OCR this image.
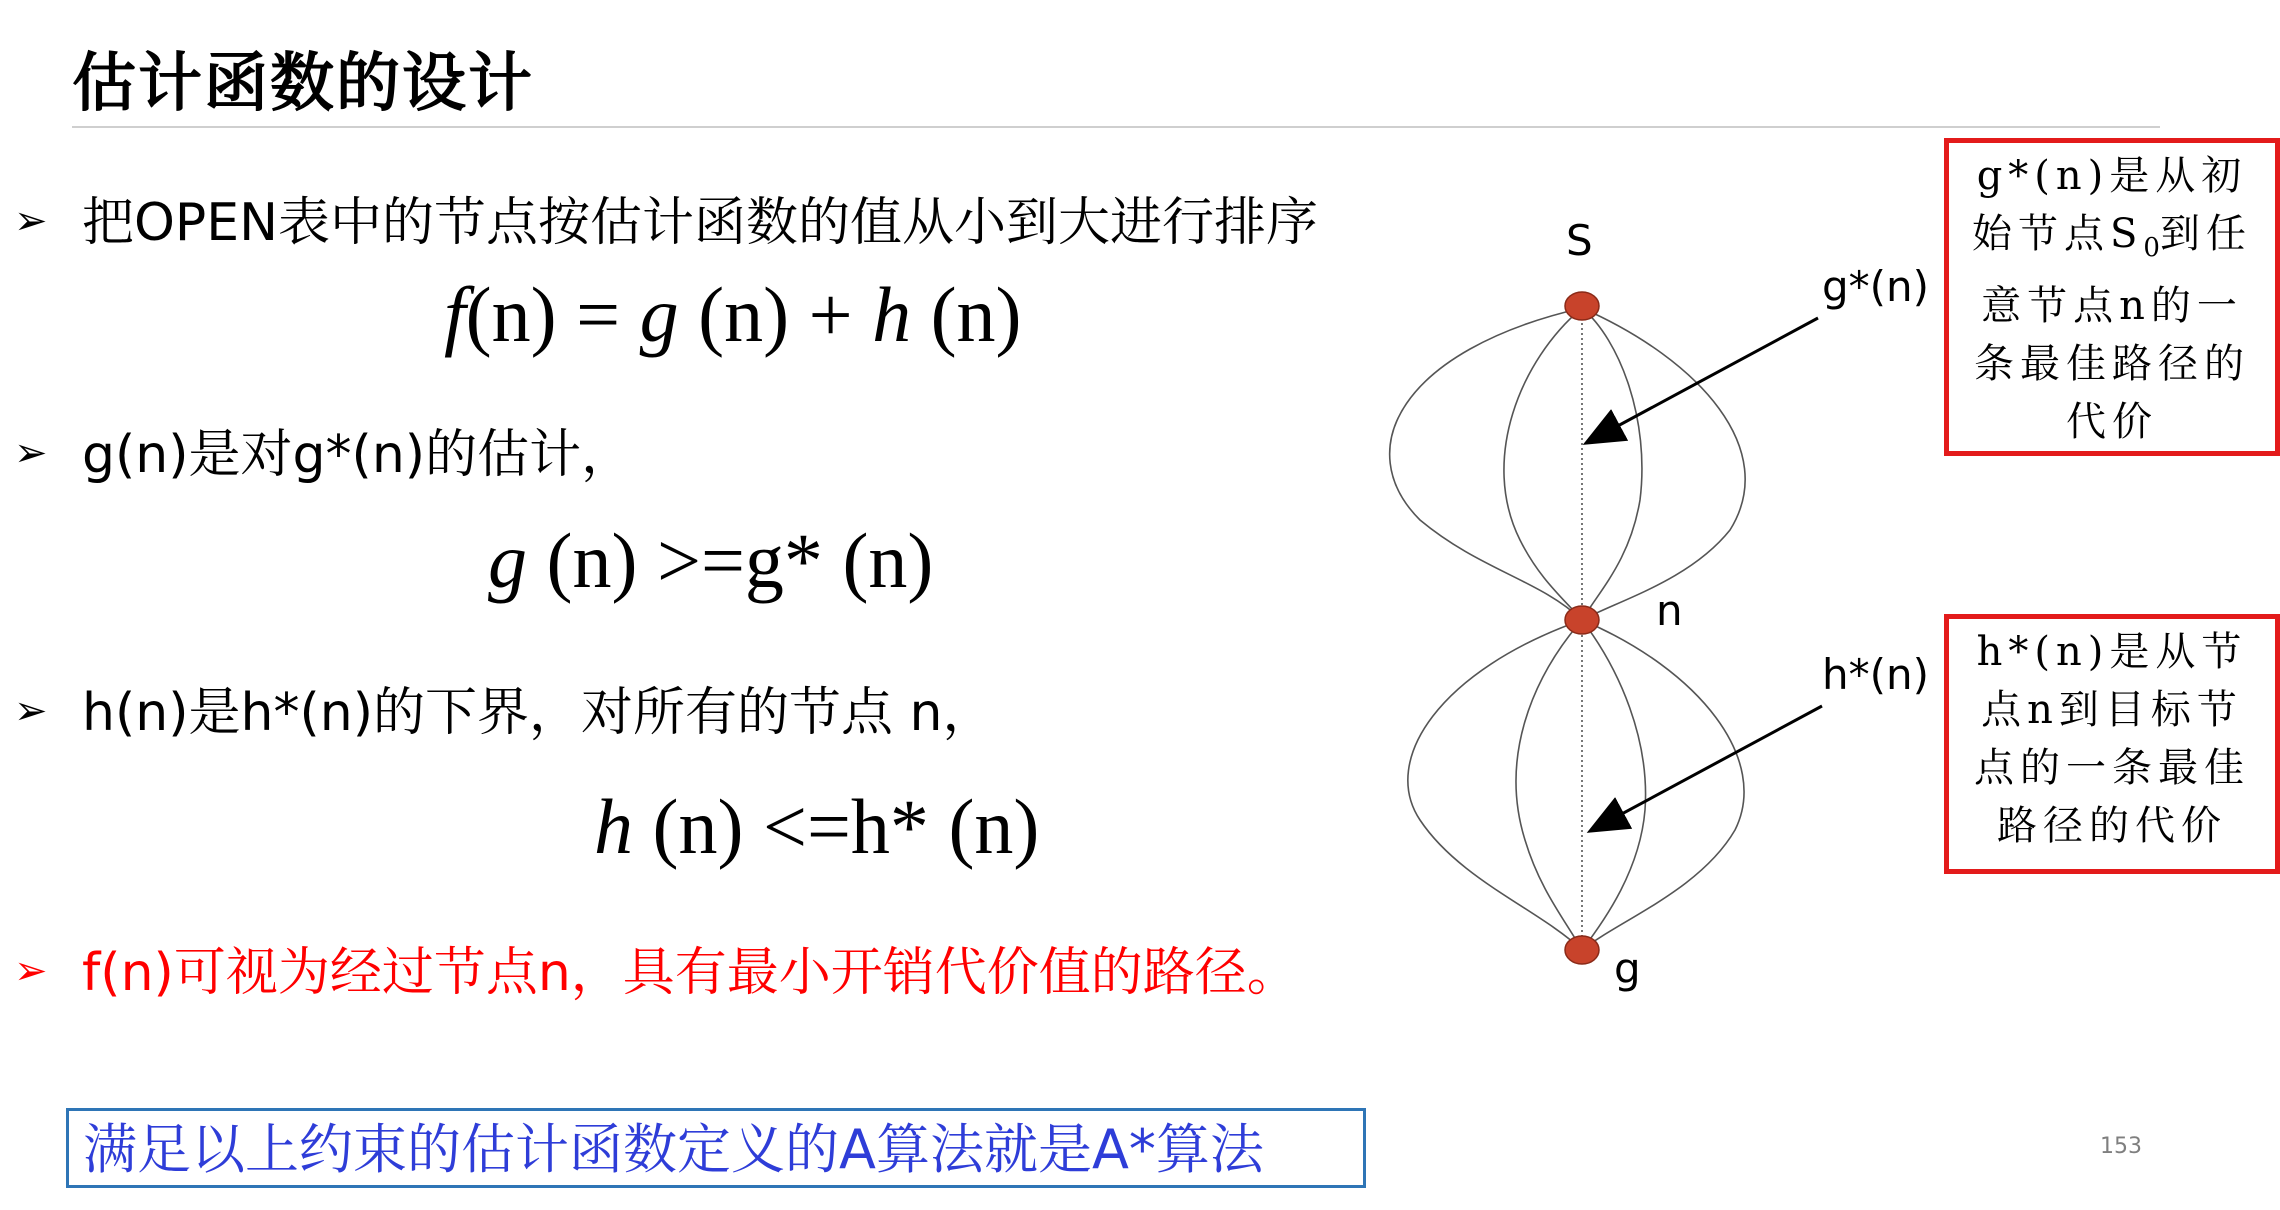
估计函数的设计
➢ 把OPEN表中的节点按估计函数的值从小到大进行排序
f(n) = g (n) + h (n)
➢ g(n)是对g*(n)的估计，
g (n) >=g* (n)
➢ h(n)是h*(n)的下界，对所有的节点 n，
h (n) <=h* (n)
➢ f(n)可视为经过节点n，具有最小开销代价值的路径。
满足以上约束的估计函数定义的A算法就是A*算法	153
S
n
g
g*(n)
h*(n)
g*(n)是从初
始节点$S_0$到任
意节点n的一
条最佳路径的
代价
h*(n)是从节
点n到目标节
点的一条最佳
路径的代价
